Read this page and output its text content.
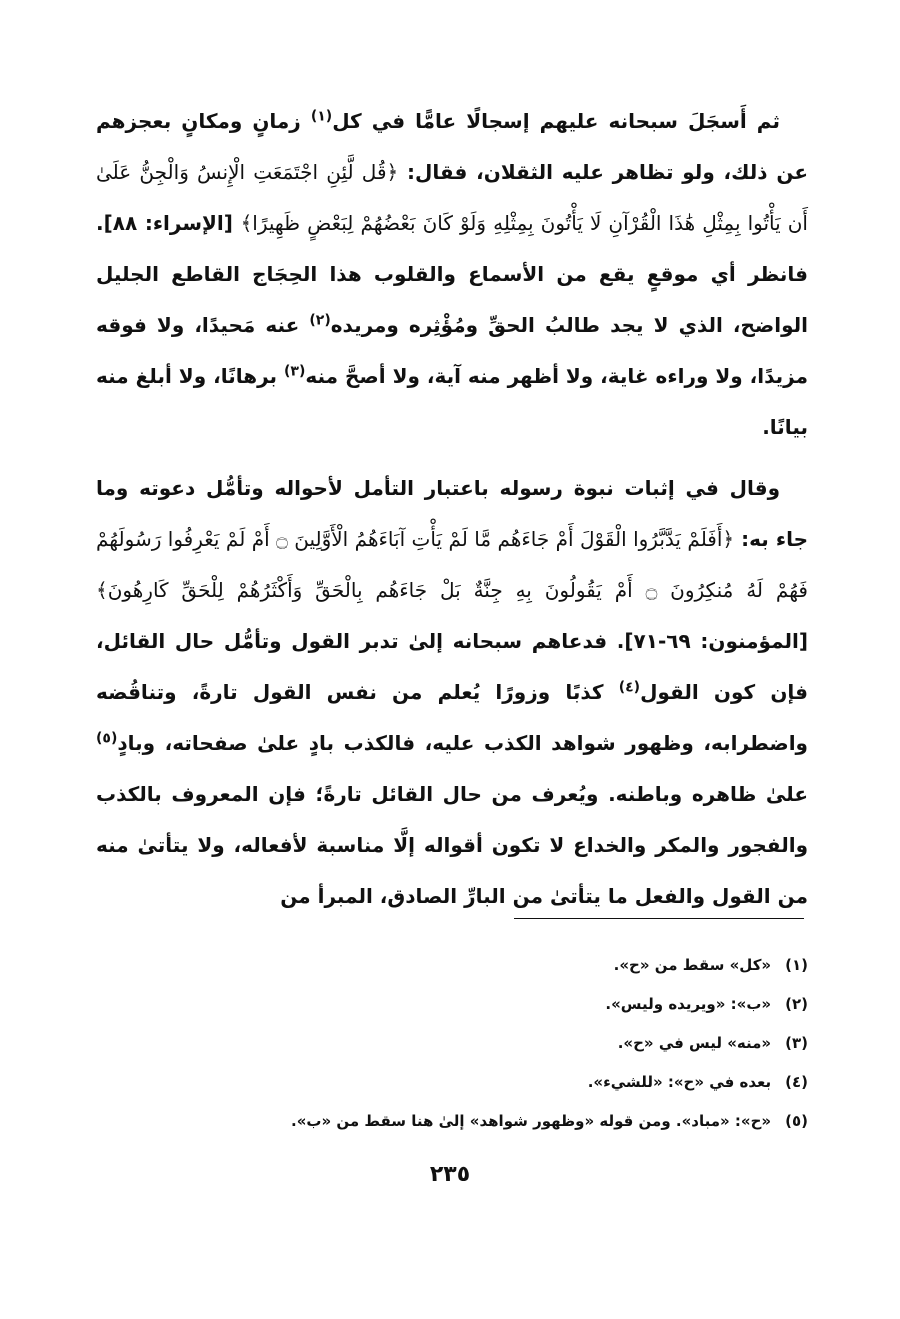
ثم أَسجَلَ سبحانه عليهم إسجالًا عامًّا في كل$^{(١)}$ زمانٍ ومكانٍ بعجزهم عن ذلك، ولو تظاهر عليه الثقلان، فقال: ﴿قُل لَّئِنِ اجْتَمَعَتِ الْإِنسُ وَالْجِنُّ عَلَىٰ أَن يَأْتُوا بِمِثْلِ هَٰذَا الْقُرْآنِ لَا يَأْتُونَ بِمِثْلِهِ وَلَوْ كَانَ بَعْضُهُمْ لِبَعْضٍ ظَهِيرًا﴾ [الإسراء: ٨٨]. فانظر أي موقعٍ يقع من الأسماع والقلوب هذا الحِجَاج القاطع الجليل الواضح، الذي لا يجد طالبُ الحقِّ ومُؤْثِره ومريده$^{(٢)}$ عنه مَحيدًا، ولا فوقه مزيدًا، ولا وراءه غاية، ولا أظهر منه آية، ولا أصحَّ منه$^{(٣)}$ برهانًا، ولا أبلغ منه بيانًا.

وقال في إثبات نبوة رسوله باعتبار التأمل لأحواله وتأمُّل دعوته وما جاء به: ﴿أَفَلَمْ يَدَّبَّرُوا الْقَوْلَ أَمْ جَاءَهُم مَّا لَمْ يَأْتِ آبَاءَهُمُ الْأَوَّلِينَ ۝ أَمْ لَمْ يَعْرِفُوا رَسُولَهُمْ فَهُمْ لَهُ مُنكِرُونَ ۝ أَمْ يَقُولُونَ بِهِ جِنَّةٌ بَلْ جَاءَهُم بِالْحَقِّ وَأَكْثَرُهُمْ لِلْحَقِّ كَارِهُونَ﴾ [المؤمنون: ٦٩-٧١]. فدعاهم سبحانه إلىٰ تدبر القول وتأمُّل حال القائل، فإن كون القول$^{(٤)}$ كذبًا وزورًا يُعلم من نفس القول تارةً، وتناقُضه واضطرابه، وظهور شواهد الكذب عليه، فالكذب بادٍ علىٰ صفحاته، وبادٍ$^{(٥)}$ علىٰ ظاهره وباطنه. ويُعرف من حال القائل تارةً؛ فإن المعروف بالكذب والفجور والمكر والخداع لا تكون أقواله إلَّا مناسبة لأفعاله، ولا يتأتىٰ منه من القول والفعل ما يتأتىٰ من البارِّ الصادق، المبرأ من

(١)«كل» سقط من «ح».
(٢)«ب»: «ويريده وليس».
(٣)«منه» ليس في «ح».
(٤)بعده في «ح»: «للشيء».
(٥)«ح»: «مباد». ومن قوله «وظهور شواهد» إلىٰ هنا سقط من «ب».
٢٣٥
